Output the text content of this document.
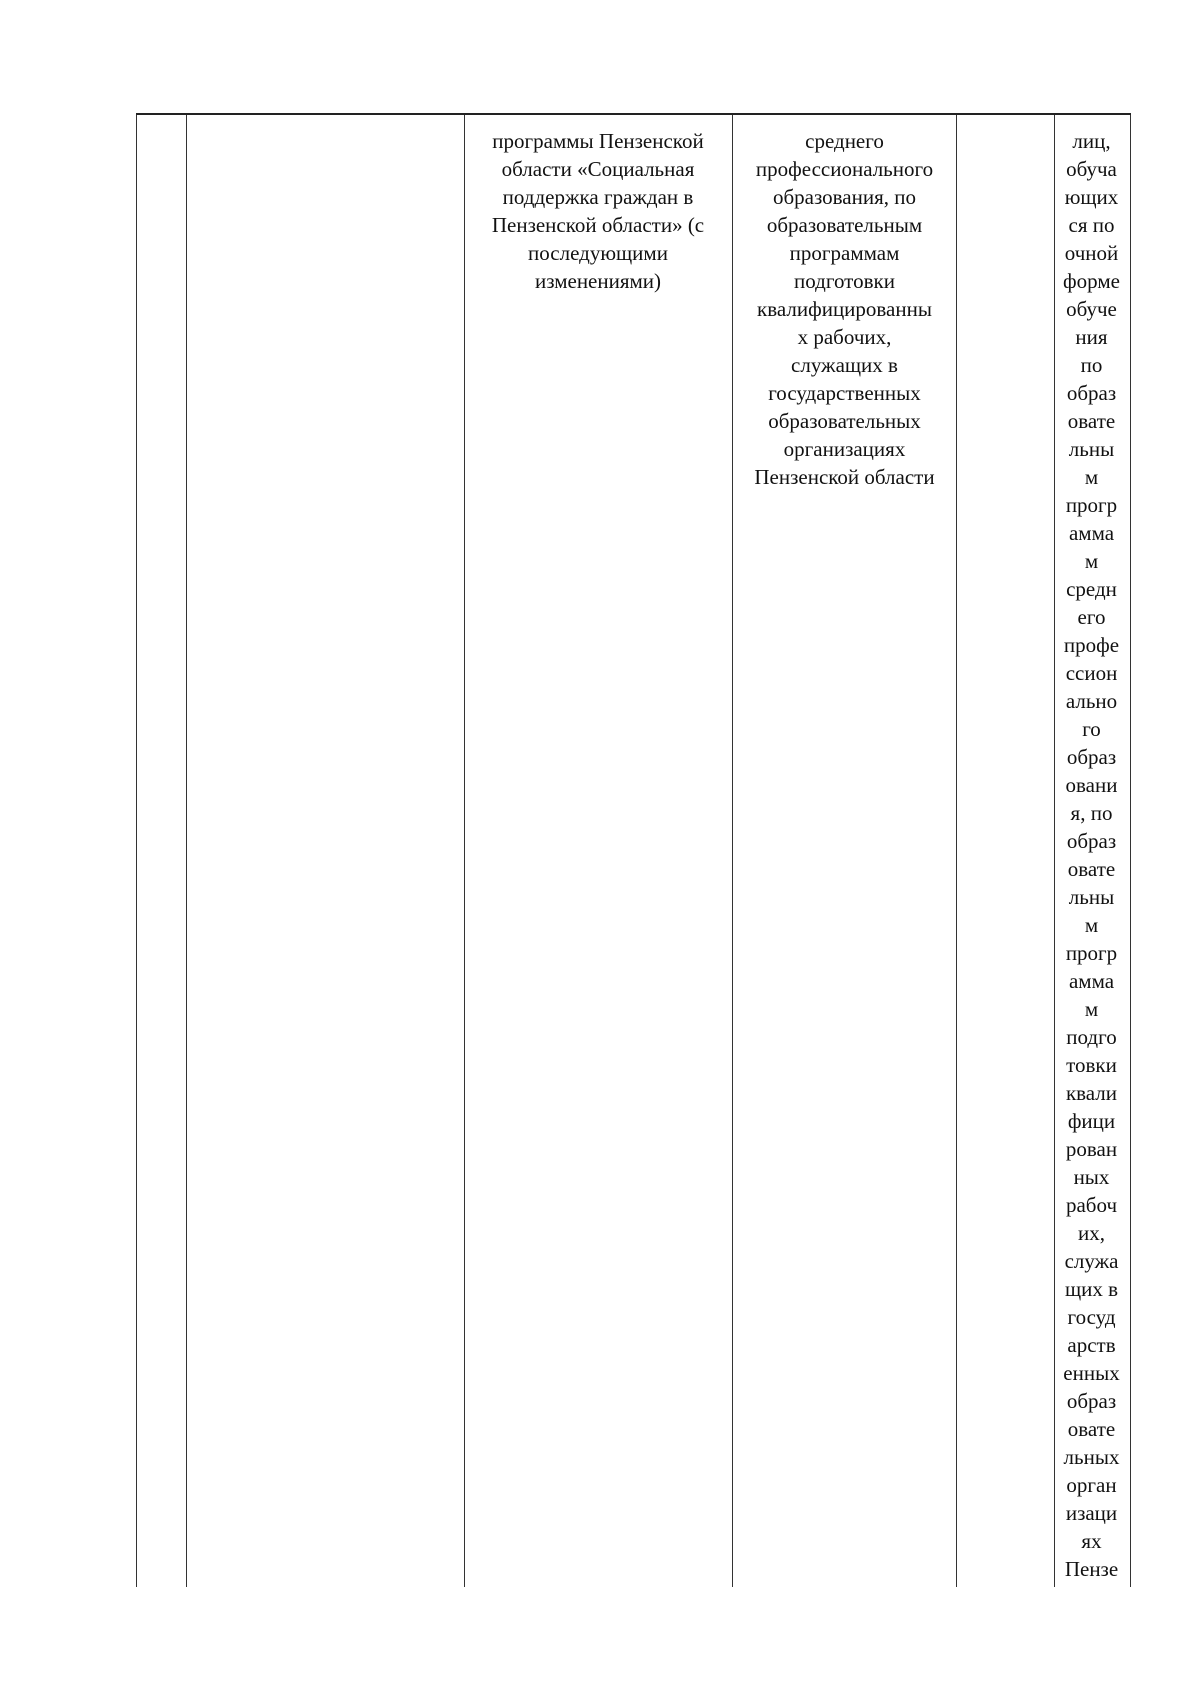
программы Пензенской
области «Социальная
поддержка граждан в
Пензенской области» (с
последующими
изменениями)
среднего
профессионального
образования, по
образовательным
программам
подготовки
квалифицированны
х рабочих,
служащих в
государственных
образовательных
организациях
Пензенской области
лиц,
обуча
ющих
ся по
очной
форме
обуче
ния
по
образ
овате
льны
м
прогр
амма
м
средн
его
профе
ссион
ально
го
образ
овани
я, по
образ
овате
льны
м
прогр
амма
м
подго
товки
квали
фици
рован
ных
рабоч
их,
служа
щих в
госуд
арств
енных
образ
овате
льных
орган
изаци
ях
Пензе
